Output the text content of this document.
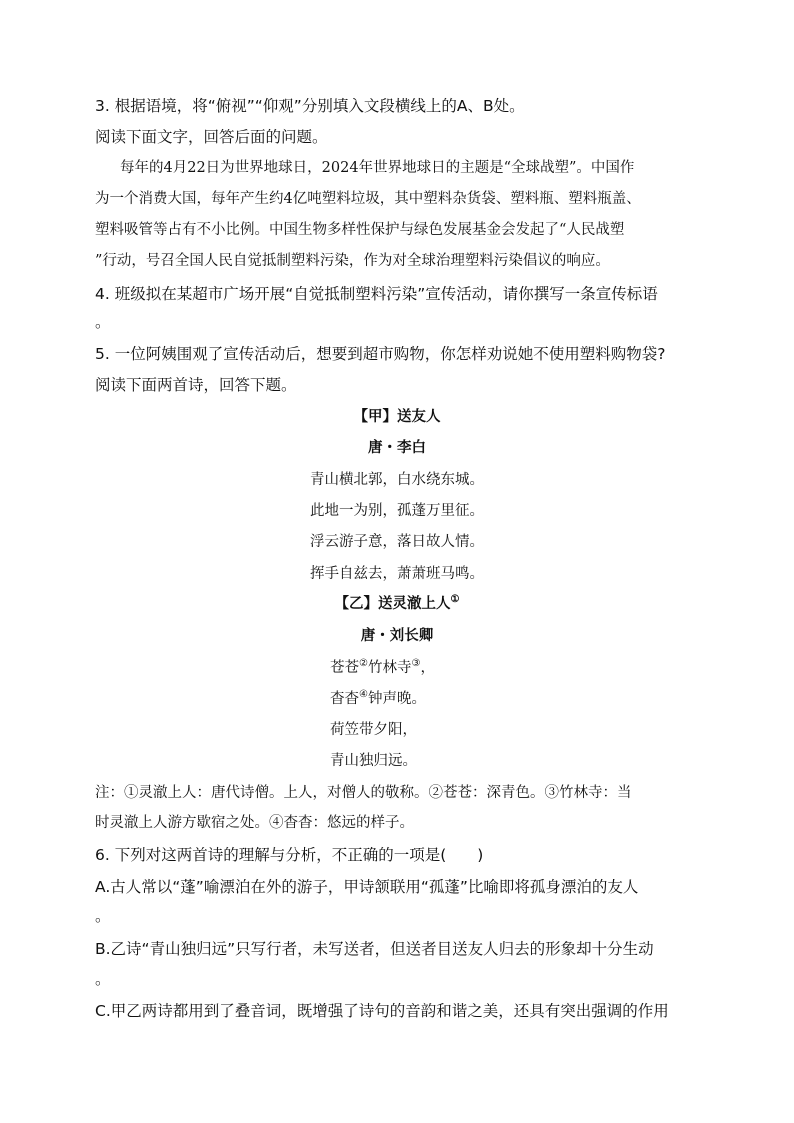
3. 根据语境，将“俯视”“仰观”分别填入文段横线上的A、B处。
阅读下面文字，回答后面的问题。
每年的4月22日为世界地球日，2024年世界地球日的主题是“全球战塑”。中国作
为一个消费大国，每年产生约4亿吨塑料垃圾，其中塑料杂货袋、塑料瓶、塑料瓶盖、
塑料吸管等占有不小比例。中国生物多样性保护与绿色发展基金会发起了“人民战塑
”行动，号召全国人民自觉抵制塑料污染，作为对全球治理塑料污染倡议的响应。
4. 班级拟在某超市广场开展“自觉抵制塑料污染”宣传活动，请你撰写一条宣传标语
。
5. 一位阿姨围观了宣传活动后，想要到超市购物，你怎样劝说她不使用塑料购物袋?
阅读下面两首诗，回答下题。
【甲】送友人
唐・李白
青山横北郭，白水绕东城。
此地一为别，孤蓬万里征。
浮云游子意，落日故人情。
挥手自兹去，萧萧班马鸣。
【乙】送灵澈上人①
唐・刘长卿
苍苍②竹林寺③，
杳杳④钟声晚。
荷笠带夕阳，
青山独归远。
注：①灵澈上人：唐代诗僧。上人，对僧人的敬称。②苍苍：深青色。③竹林寺：当
时灵澈上人游方歇宿之处。④杳杳：悠远的样子。
6. 下列对这两首诗的理解与分析，不正确的一项是(　　)
A.古人常以“蓬”喻漂泊在外的游子，甲诗颔联用“孤蓬”比喻即将孤身漂泊的友人
。
B.乙诗“青山独归远”只写行者，未写送者，但送者目送友人归去的形象却十分生动
。
C.甲乙两诗都用到了叠音词，既增强了诗句的音韵和谐之美，还具有突出强调的作用
